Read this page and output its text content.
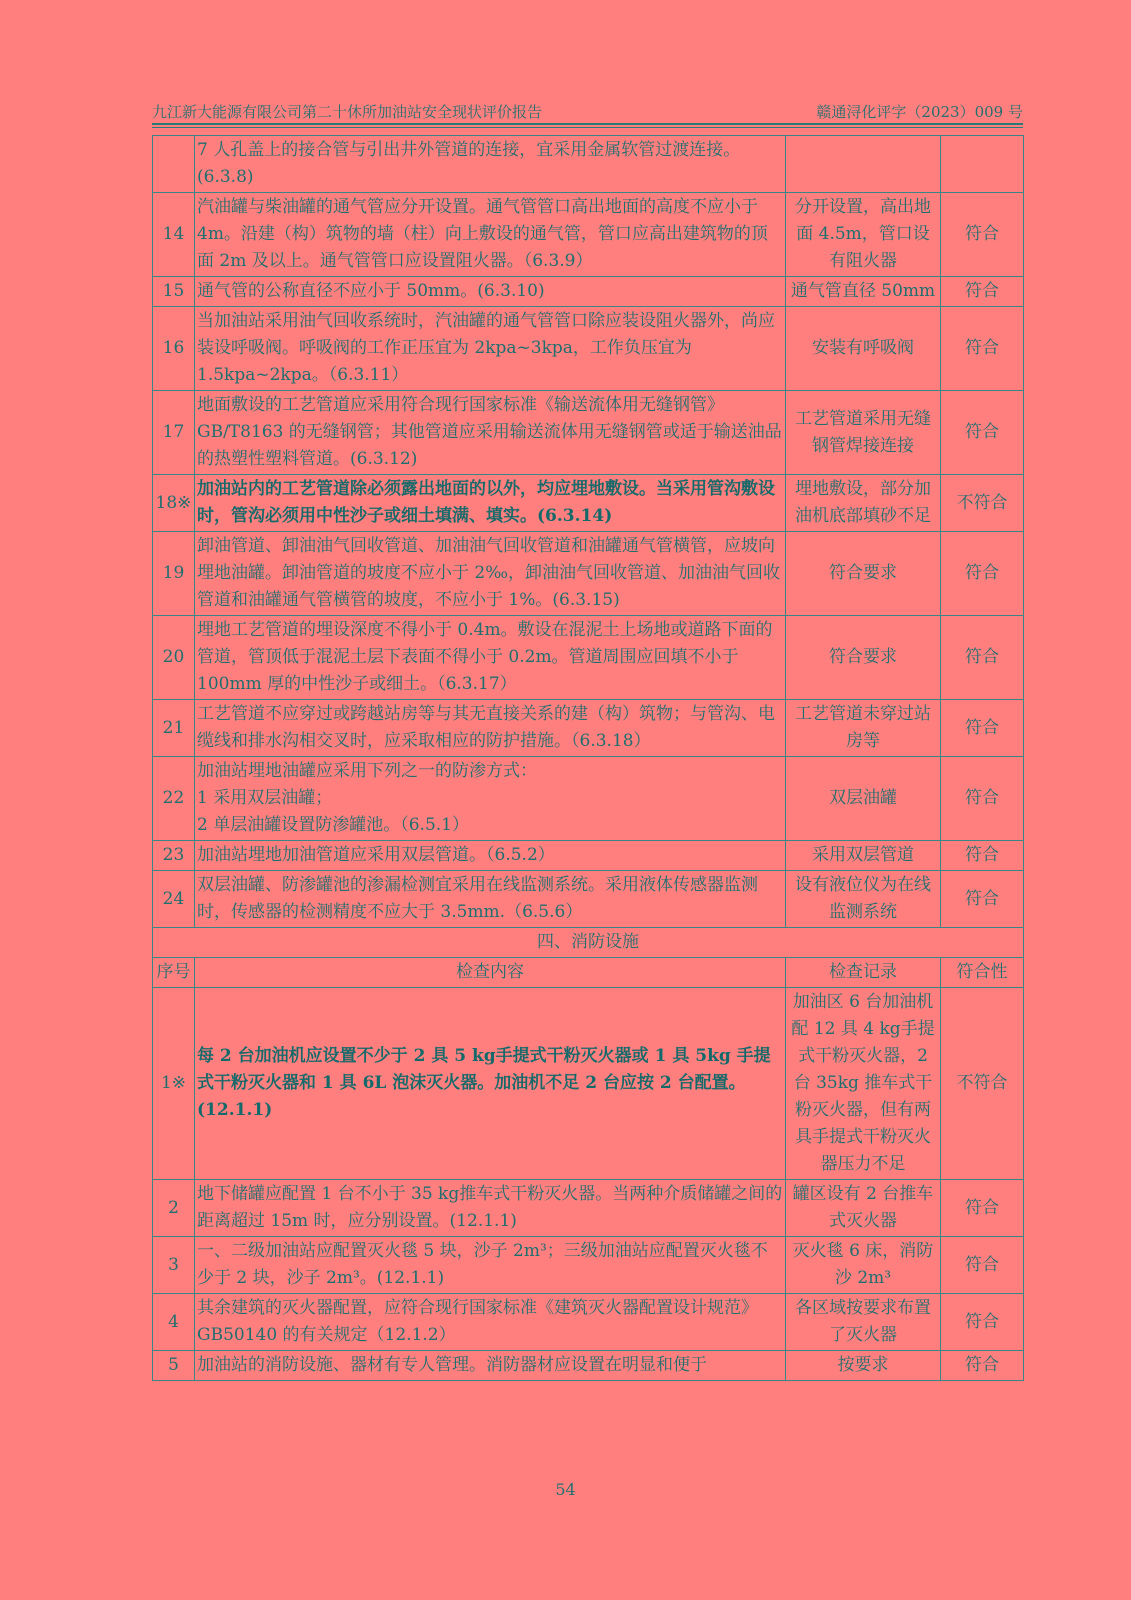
九江新大能源有限公司第二十休所加油站安全现状评价报告	赣通浔化评字（2023）009 号
	7 人孔盖上的接合管与引出井外管道的连接，宜采用金属软管过渡连接。(6.3.8)		
14	汽油罐与柴油罐的通气管应分开设置。通气管管口高出地面的高度不应小于 4m。沿建（构）筑物的墙（柱）向上敷设的通气管，管口应高出建筑物的顶面 2m 及以上。通气管管口应设置阻火器。（6.3.9）	分开设置，高出地面 4.5m，管口设有阻火器	符合
15	通气管的公称直径不应小于 50mm。(6.3.10)	通气管直径 50mm	符合
16	当加油站采用油气回收系统时，汽油罐的通气管管口除应装设阻火器外，尚应装设呼吸阀。呼吸阀的工作正压宜为 2kpa~3kpa，工作负压宜为 1.5kpa~2kpa。（6.3.11）	安装有呼吸阀	符合
17	地面敷设的工艺管道应采用符合现行国家标准《输送流体用无缝钢管》GB/T8163 的无缝钢管；其他管道应采用输送流体用无缝钢管或适于输送油品的热塑性塑料管道。(6.3.12)	工艺管道采用无缝钢管焊接连接	符合
18※	加油站内的工艺管道除必须露出地面的以外，均应埋地敷设。当采用管沟敷设时，管沟必须用中性沙子或细土填满、填实。(6.3.14)	埋地敷设，部分加油机底部填砂不足	不符合
19	卸油管道、卸油油气回收管道、加油油气回收管道和油罐通气管横管，应坡向埋地油罐。卸油管道的坡度不应小于 2‰，卸油油气回收管道、加油油气回收管道和油罐通气管横管的坡度，不应小于 1%。(6.3.15)	符合要求	符合
20	埋地工艺管道的埋设深度不得小于 0.4m。敷设在混泥土上场地或道路下面的管道，管顶低于混泥土层下表面不得小于 0.2m。管道周围应回填不小于 100mm 厚的中性沙子或细土。（6.3.17）	符合要求	符合
21	工艺管道不应穿过或跨越站房等与其无直接关系的建（构）筑物；与管沟、电缆线和排水沟相交叉时，应采取相应的防护措施。（6.3.18）	工艺管道未穿过站房等	符合
22	加油站埋地油罐应采用下列之一的防渗方式：
1 采用双层油罐；
2 单层油罐设置防渗罐池。（6.5.1）	双层油罐	符合
23	加油站埋地加油管道应采用双层管道。（6.5.2）	采用双层管道	符合
24	双层油罐、防渗罐池的渗漏检测宜采用在线监测系统。采用液体传感器监测时，传感器的检测精度不应大于 3.5mm.（6.5.6）	设有液位仪为在线监测系统	符合
四、消防设施			
序号	检查内容	检查记录	符合性
1※	每 2 台加油机应设置不少于 2 具 5 kg手提式干粉灭火器或 1 具 5kg 手提式干粉灭火器和 1 具 6L 泡沫灭火器。加油机不足 2 台应按 2 台配置。(12.1.1)	加油区 6 台加油机配 12 具 4 kg手提式干粉灭火器，2 台 35kg 推车式干粉灭火器，但有两具手提式干粉灭火器压力不足	不符合
2	地下储罐应配置 1 台不小于 35 kg推车式干粉灭火器。当两种介质储罐之间的距离超过 15m 时，应分别设置。(12.1.1)	罐区设有 2 台推车式灭火器	符合
3	一、二级加油站应配置灭火毯 5 块，沙子 2m³；三级加油站应配置灭火毯不少于 2 块，沙子 2m³。(12.1.1)	灭火毯 6 床，消防沙 2m³	符合
4	其余建筑的灭火器配置，应符合现行国家标准《建筑灭火器配置设计规范》GB50140 的有关规定（12.1.2）	各区域按要求布置了灭火器	符合
5	加油站的消防设施、器材有专人管理。消防器材应设置在明显和便于	按要求	符合
54
